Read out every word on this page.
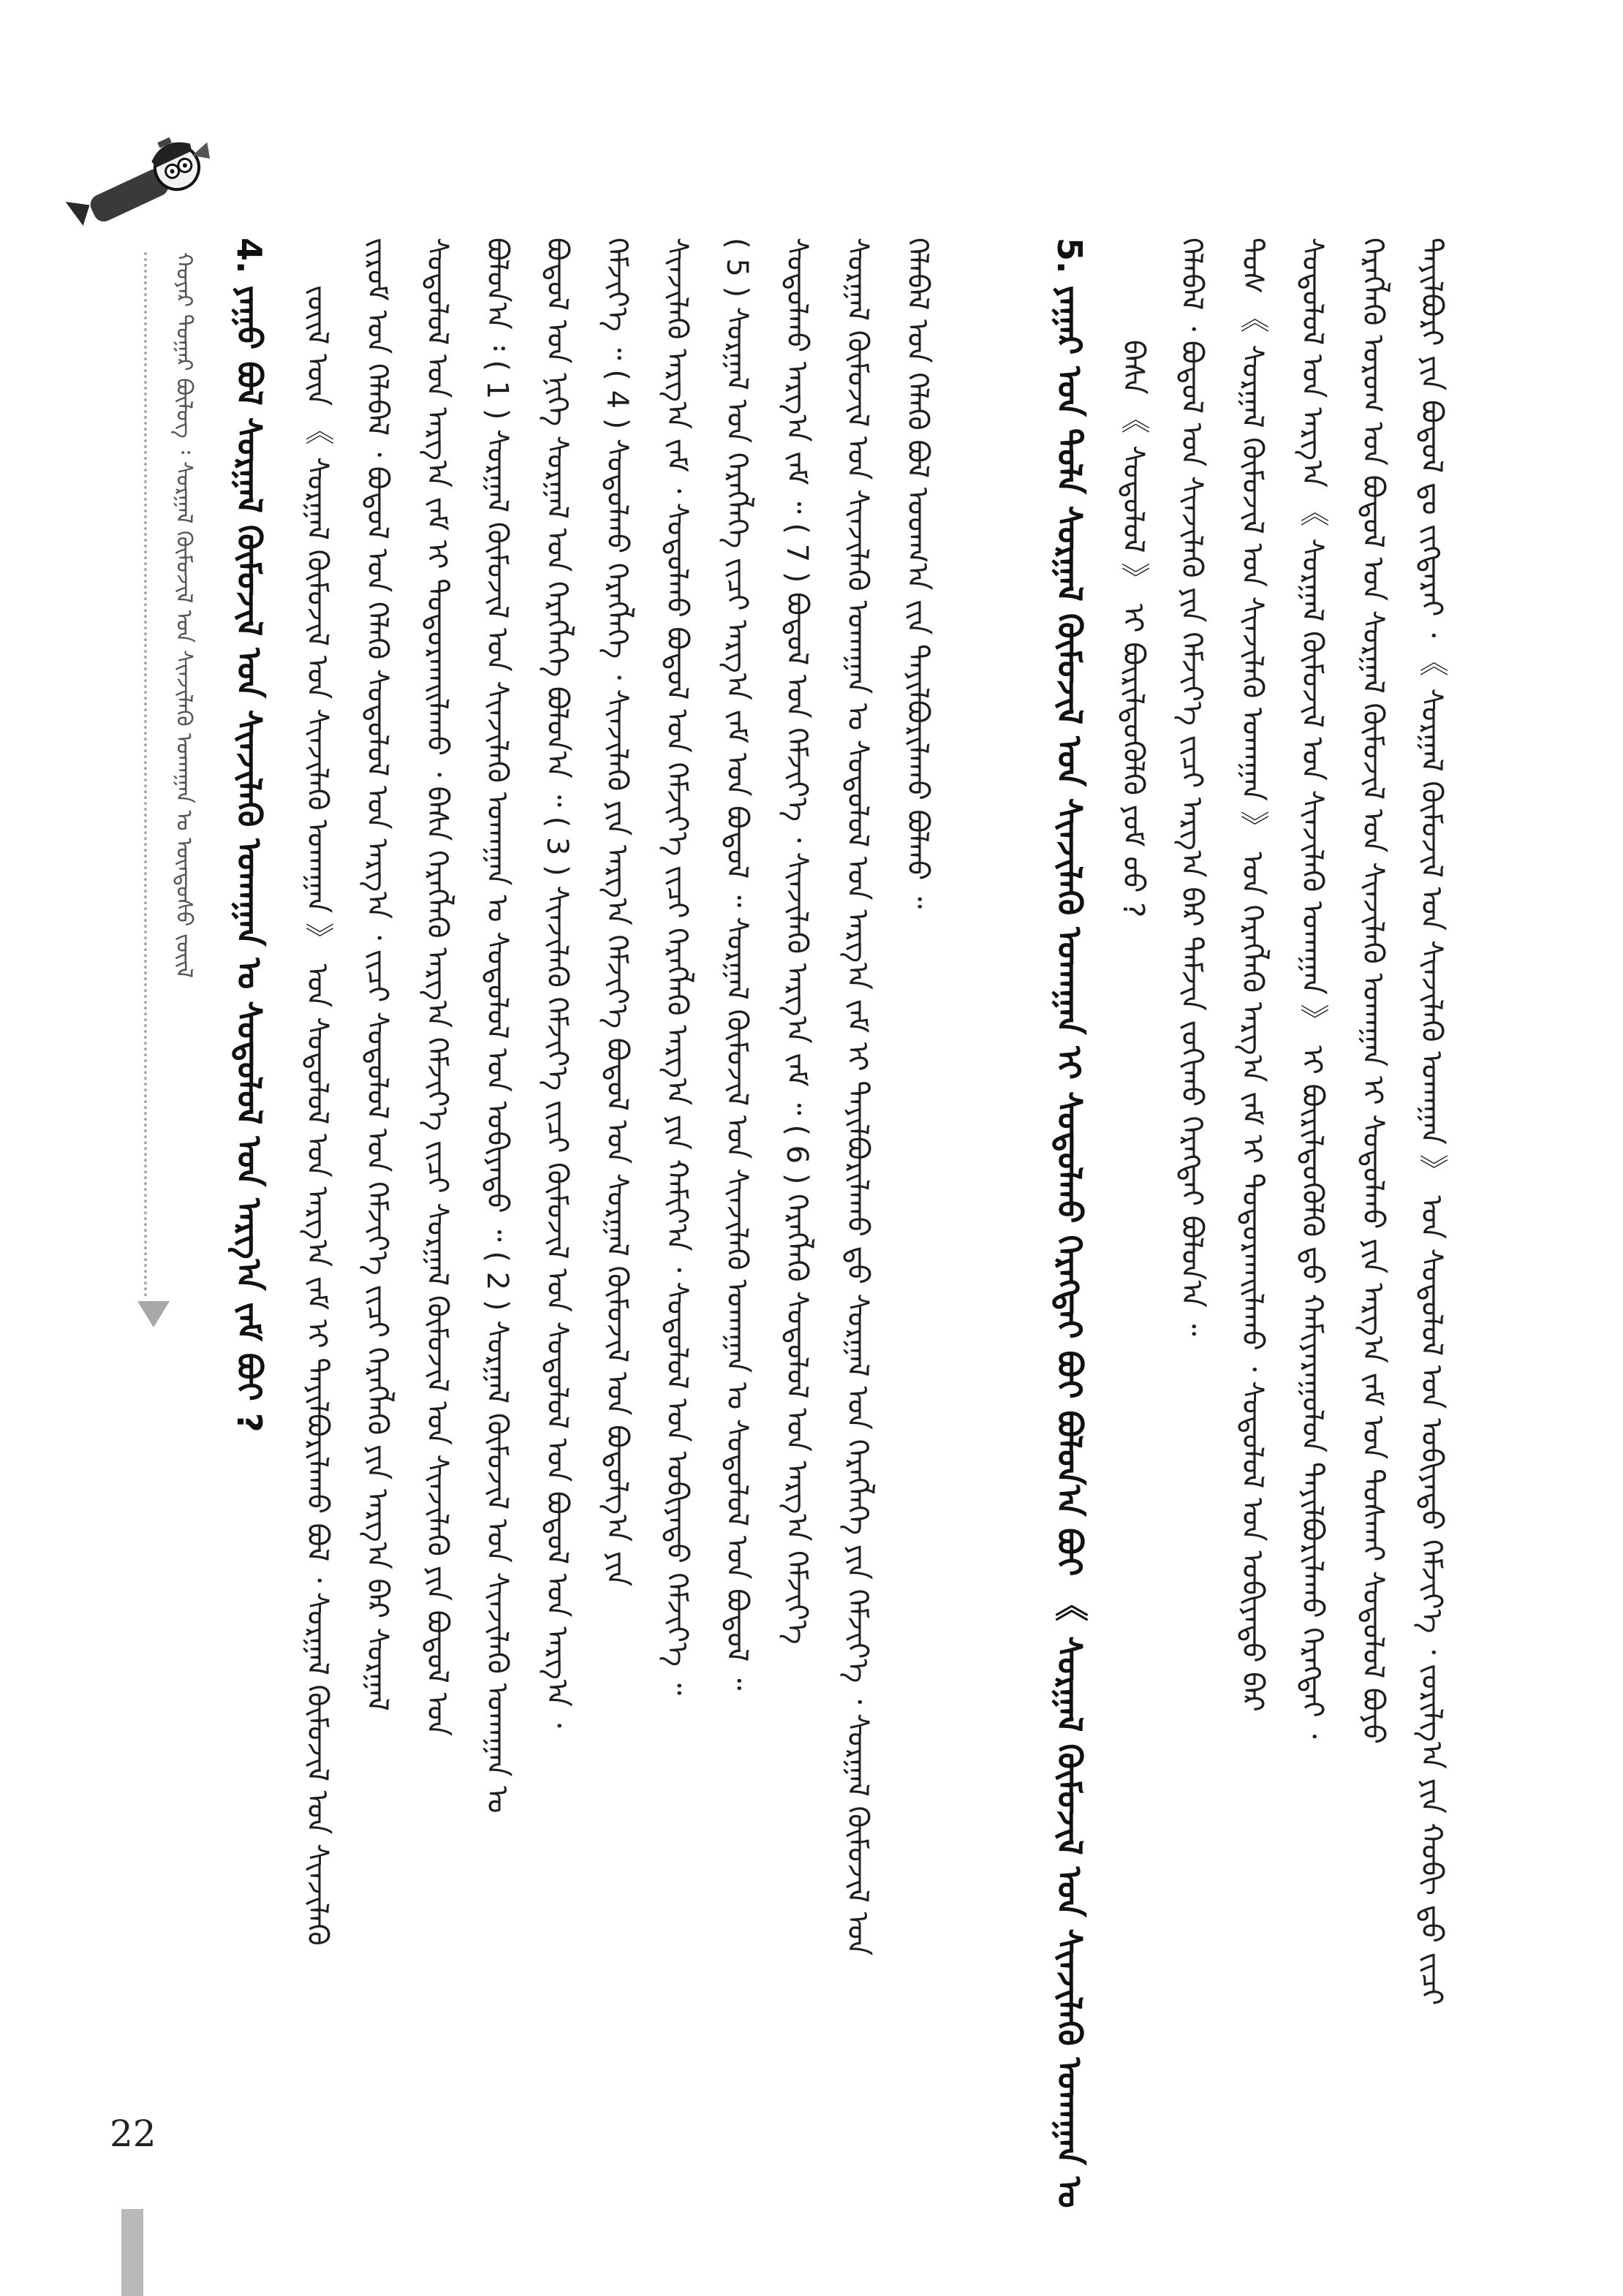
ᠬᠣᠶᠠᠷ ᠳᠤᠭᠠᠷ ᠪᠦᠯᠦᠭ ᠄ ᠰᠤᠷᠭᠠᠯ ᠬᠦᠮᠦᠵᠢᠯ ᠤᠨ ᠰᠢᠨᠵᠢᠯᠡᠬᠦ ᠤᠬᠠᠭᠠᠨ ᠤ ᠦᠨᠳᠦᠰᠦ ᠵᠦᠢᠯ	ᠲᠠᠶᠢᠯᠪᠤᠷᠢ ᠶᠢᠨ ᠪᠣᠳᠤᠯ ᠳᠤ ᠵᠢᠭ᠌ᠳᠡᠷᠡᠢ ᠂ 《 ᠰᠤᠷᠭᠠᠯ ᠬᠦᠮᠦᠵᠢᠯ ᠤᠨ ᠰᠢᠨᠵᠢᠯᠡᠬᠦ ᠤᠬᠠᠭᠠᠨ 》 ᠤᠨ ᠰᠤᠳᠤᠯᠤᠯ ᠤᠨ ᠣᠪᠢᠶᠠᠲᠤ ᠬᠡᠮᠵᠢᠶ᠎ᠡ ᠂ ᠵᠣᠷᠢᠯᠭ᠎ᠠ ᠶᠢᠨ ᠬᠤᠪᠢ ᠳ᠋ᠤ ᠵᠢᠴᠢ
ᠬᠡᠷᠡᠭᠯᠡᠬᠦ ᠤᠷᠤᠭ ᠤᠨ ᠪᠣᠳᠤᠯ ᠤᠨ ᠰᠤᠷᠭᠠᠯ ᠬᠦᠮᠦᠵᠢᠯ ᠤᠨ ᠰᠢᠨᠵᠢᠯᠡᠬᠦ ᠤᠬᠠᠭᠠᠨ ᠢ ᠰᠤᠳᠤᠯᠬᠤ ᠶᠢᠨ ᠠᠷᠭ᠎ᠠ ᠵᠠᠮ ᠤᠨ ᠲᠤᠰᠬᠠᠢ ᠰᠤᠳᠤᠯᠤᠯ ᠪᠤᠶᠤ
ᠰᠤᠳᠤᠯᠤᠯ ᠤᠨ ᠠᠷᠭ᠎ᠠ 《 ᠰᠤᠷᠭᠠᠯ ᠬᠦᠮᠦᠵᠢᠯ ᠤᠨ ᠰᠢᠨᠵᠢᠯᠡᠬᠦ ᠤᠬᠠᠭᠠᠨ 》 ᠢ ᠪᠦᠷᠢᠯᠳᠦᠭᠦᠯᠬᠦ ᠳ᠋ᠤ ᠬᠠᠮᠢᠶᠠᠷᠠᠭᠤᠯᠤᠨ ᠲᠠᠶᠢᠯᠪᠤᠷᠢᠯᠠᠬᠤ ᠬᠡᠷᠡᠭᠲᠡᠢ ᠂
ᠲᠤᠰ 《 ᠰᠤᠷᠭᠠᠯ ᠬᠦᠮᠦᠵᠢᠯ ᠤᠨ ᠰᠢᠨᠵᠢᠯᠡᠬᠦ ᠤᠬᠠᠭᠠᠨ 》 ᠤᠨ ᠬᠡᠷᠡᠭᠯᠡᠬᠦ ᠠᠷᠭ᠎ᠠ ᠵᠠᠮ ᠢ ᠲᠣᠳᠣᠷᠬᠠᠢᠯᠠᠬᠤ ᠂ ᠰᠤᠳᠤᠯᠤᠯ ᠤᠨ ᠣᠪᠢᠶᠠᠲᠤ ᠪᠡᠷ
ᠬᠡᠯᠡᠪᠡᠯ ᠂ ᠪᠣᠳᠤᠯ ᠤᠨ ᠰᠢᠨᠵᠢᠯᠡᠬᠦ ᠶᠢᠨ ᠬᠡᠮᠵᠢᠶ᠎ᠡ ᠵᠢᠴᠢ ᠠᠷᠭ᠎ᠠ ᠪᠠᠷ ᠳᠠᠮᠵᠢᠨ ᠵᠣᠬᠢᠬᠤ ᠬᠡᠷᠡᠭᠲᠡᠢ ᠪᠣᠯᠤᠨ᠎ᠠ ᠃
ᠪᠠᠰᠠ 《 ᠰᠤᠳᠤᠯᠤᠯ 》 ᠢ ᠪᠦᠷᠢᠯᠳᠦᠭᠦᠯᠬᠦ ᠶᠤᠮ ᠤᠤ ?
5. ᠶᠠᠭᠠᠷ ᠤᠨ ᠲᠤᠯᠠ ᠰᠤᠷᠭᠠᠯ ᠬᠦᠮᠦᠵᠢᠯ ᠤᠨ ᠰᠢᠨᠵᠢᠯᠡᠬᠦ ᠤᠬᠠᠭᠠᠨ ᠢ ᠰᠤᠳᠤᠯᠬᠤ ᠬᠡᠷᠡᠭᠲᠡᠢ ᠪᠤᠢ ᠪᠣᠯᠤᠨ᠎ᠠ ᠪᠤᠢ 《 ᠰᠤᠷᠭᠠᠯ ᠬᠦᠮᠦᠵᠢᠯ ᠤᠨ ᠰᠢᠨᠵᠢᠯᠡᠬᠦ ᠤᠬᠠᠭᠠᠨ ᠤ
ᠬᠡᠯᠡᠪᠡᠯ ᠤᠨ ᠬᠡᠯᠡᠬᠦ ᠪᠣᠯ ᠤᠳᠬ᠎ᠠ ᠵᠢᠨ ᠲᠠᠶᠢᠯᠪᠤᠷᠢᠯᠠᠬᠤ ᠪᠣᠯᠬᠤ ᠃
ᠰᠤᠷᠭᠠᠯ ᠬᠦᠮᠦᠵᠢᠯ ᠤᠨ ᠰᠢᠨᠵᠢᠯᠡᠬᠦ ᠤᠬᠠᠭᠠᠨ ᠤ ᠰᠤᠳᠤᠯᠤᠯ ᠤᠨ ᠠᠷᠭ᠎ᠠ ᠵᠠᠮ ᠢ ᠲᠠᠶᠢᠯᠪᠤᠷᠢᠯᠠᠬᠤ ᠳ᠋ᠤ ᠰᠤᠷᠭᠠᠯ ᠤᠨ ᠬᠡᠷᠡᠭᠯᠡᠭᠡ ᠶᠢᠨ ᠬᠡᠮᠵᠢᠶ᠎ᠡ ᠂ ᠰᠤᠷᠭᠠᠯ ᠬᠦᠮᠦᠵᠢᠯ ᠤᠨ
ᠰᠤᠳᠤᠯᠬᠤ ᠠᠷᠭ᠎ᠠ ᠵᠠᠮ ᠃ ( 7 ) ᠪᠣᠳᠤᠯ ᠤᠨ ᠬᠡᠮᠵᠢᠶ᠎ᠡ ᠂ ᠰᠢᠨᠵᠢᠯᠡᠬᠦ ᠠᠷᠭ᠎ᠠ ᠵᠠᠮ ᠃ ( 6 ) ᠬᠡᠷᠡᠭᠯᠡᠬᠦ ᠰᠤᠳᠤᠯᠤᠯ ᠤᠨ ᠠᠷᠭ᠎ᠠ ᠬᠡᠮᠵᠢᠶ᠎ᠡ
( 5 ) ᠰᠤᠷᠭᠠᠯ ᠤᠨ ᠬᠡᠷᠡᠭᠯᠡᠭᠡ ᠵᠢᠴᠢ ᠠᠷᠭ᠎ᠠ ᠵᠠᠮ ᠤᠨ ᠪᠣᠳᠤᠯ ᠃ ᠰᠤᠷᠭᠠᠯ ᠬᠦᠮᠦᠵᠢᠯ ᠤᠨ ᠰᠢᠨᠵᠢᠯᠡᠬᠦ ᠤᠬᠠᠭᠠᠨ ᠤ ᠰᠤᠳᠤᠯᠤᠯ ᠤᠨ ᠪᠣᠳᠤᠯ ᠃
ᠰᠢᠨᠵᠢᠯᠡᠬᠦ ᠠᠷᠭ᠎ᠠ ᠵᠠᠮ ᠂ ᠰᠤᠳᠤᠯᠬᠤ ᠪᠣᠳᠤᠯ ᠤᠨ ᠬᠡᠮᠵᠢᠶ᠎ᠡ ᠵᠢᠴᠢ ᠬᠡᠷᠡᠭᠯᠡᠬᠦ ᠠᠷᠭ᠎ᠠ ᠶᠢᠨ ᠬᠠᠮᠢᠶ᠎ᠠ ᠂ ᠰᠤᠳᠤᠯᠤᠯ ᠤᠨ ᠣᠪᠢᠶᠠᠲᠤ ᠬᠡᠮᠵᠢᠶ᠎ᠡ ᠃
ᠬᠡᠮᠵᠢᠶ᠎ᠡ ᠃ ( 4 ) ᠰᠤᠳᠤᠯᠬᠤ ᠬᠡᠷᠡᠭᠯᠡᠭᠡ ᠂ ᠰᠢᠨᠵᠢᠯᠡᠬᠦ ᠶᠢᠨ ᠠᠷᠭ᠎ᠠ ᠬᠡᠮᠵᠢᠶ᠎ᠡ ᠪᠣᠳᠤᠯ ᠤᠨ ᠰᠤᠷᠭᠠᠯ ᠬᠦᠮᠦᠵᠢᠯ ᠤᠨ ᠪᠣᠳᠤᠯᠭ᠎ᠠ ᠶᠢᠨ
ᠪᠣᠳᠤᠯ ᠤᠨ ᠨᠢᠭᠡ ᠰᠤᠷᠭᠠᠯ ᠤᠨ ᠬᠡᠷᠡᠭᠯᠡᠭᠡ ᠪᠣᠯᠤᠨ᠎ᠠ ᠃ ( 3 ) ᠰᠢᠨᠵᠢᠯᠡᠬᠦ ᠬᠡᠮᠵᠢᠶ᠎ᠡ ᠵᠢᠴᠢ ᠬᠦᠮᠦᠵᠢᠯ ᠤᠨ ᠰᠤᠳᠤᠯᠤᠯ ᠤᠨ ᠪᠣᠳᠤᠯ ᠤᠨ ᠠᠷᠭ᠎ᠠ ᠂
ᠪᠣᠯᠤᠨ᠎ᠠ ᠄ ( 1 ) ᠰᠤᠷᠭᠠᠯ ᠬᠦᠮᠦᠵᠢᠯ ᠤᠨ ᠰᠢᠨᠵᠢᠯᠡᠬᠦ ᠤᠬᠠᠭᠠᠨ ᠤ ᠰᠤᠳᠤᠯᠤᠯ ᠤᠨ ᠣᠪᠢᠶᠠᠲᠤ ᠃ ( 2 ) ᠰᠤᠷᠭᠠᠯ ᠬᠦᠮᠦᠵᠢᠯ ᠤᠨ ᠰᠢᠨᠵᠢᠯᠡᠬᠦ ᠤᠬᠠᠭᠠᠨ ᠤ
ᠰᠤᠳᠤᠯᠤᠯ ᠤᠨ ᠠᠷᠭ᠎ᠠ ᠵᠠᠮ ᠢ ᠲᠣᠳᠣᠷᠬᠠᠢᠯᠠᠬᠤ ᠂ ᠪᠠᠰᠠ ᠬᠡᠷᠡᠭᠯᠡᠬᠦ ᠠᠷᠭ᠎ᠠ ᠬᠡᠮᠵᠢᠶ᠎ᠡ ᠵᠢᠴᠢ ᠰᠤᠷᠭᠠᠯ ᠬᠦᠮᠦᠵᠢᠯ ᠤᠨ ᠰᠢᠨᠵᠢᠯᠡᠬᠦ ᠶᠢᠨ ᠪᠣᠳᠤᠯ ᠤᠨ
ᠵᠢᠷᠤᠮ ᠤᠨ ᠬᠡᠯᠡᠪᠡᠯ ᠂ ᠪᠣᠳᠤᠯ ᠤᠨ ᠬᠡᠯᠡᠬᠦ ᠰᠤᠳᠤᠯᠤᠯ ᠤᠨ ᠠᠷᠭ᠎ᠠ ᠂ ᠵᠢᠴᠢ ᠰᠤᠳᠤᠯᠤᠯ ᠤᠨ ᠬᠡᠮᠵᠢᠶ᠎ᠡ ᠵᠢᠴᠢ ᠬᠡᠷᠡᠭᠯᠡᠬᠦ ᠶᠢᠨ ᠠᠷᠭ᠎ᠠ ᠪᠠᠷ ᠰᠤᠷᠭᠠᠯ
ᠵᠦᠢᠯ ᠦᠨ 《 ᠰᠤᠷᠭᠠᠯ ᠬᠦᠮᠦᠵᠢᠯ ᠤᠨ ᠰᠢᠨᠵᠢᠯᠡᠬᠦ ᠤᠬᠠᠭᠠᠨ 》 ᠤᠨ ᠰᠤᠳᠤᠯᠤᠯ ᠤᠨ ᠠᠷᠭ᠎ᠠ ᠵᠠᠮ ᠢ ᠲᠠᠶᠢᠯᠪᠤᠷᠢᠯᠠᠬᠤ ᠪᠣᠯ ᠂ ᠰᠤᠷᠭᠠᠯ ᠬᠦᠮᠦᠵᠢᠯ ᠤᠨ ᠰᠢᠨᠵᠢᠯᠡᠬᠦ
4. ᠶᠠᠭᠤ ᠪᠣᠯ ᠰᠤᠷᠭᠠᠯ ᠬᠦᠮᠦᠵᠢᠯ ᠤᠨ ᠰᠢᠨᠵᠢᠯᠡᠬᠦ ᠤᠬᠠᠭᠠᠨ ᠤ ᠰᠤᠳᠤᠯᠤᠯ ᠤᠨ ᠠᠷᠭ᠎ᠠ ᠵᠠᠮ ᠪᠤᠢ ?
22
